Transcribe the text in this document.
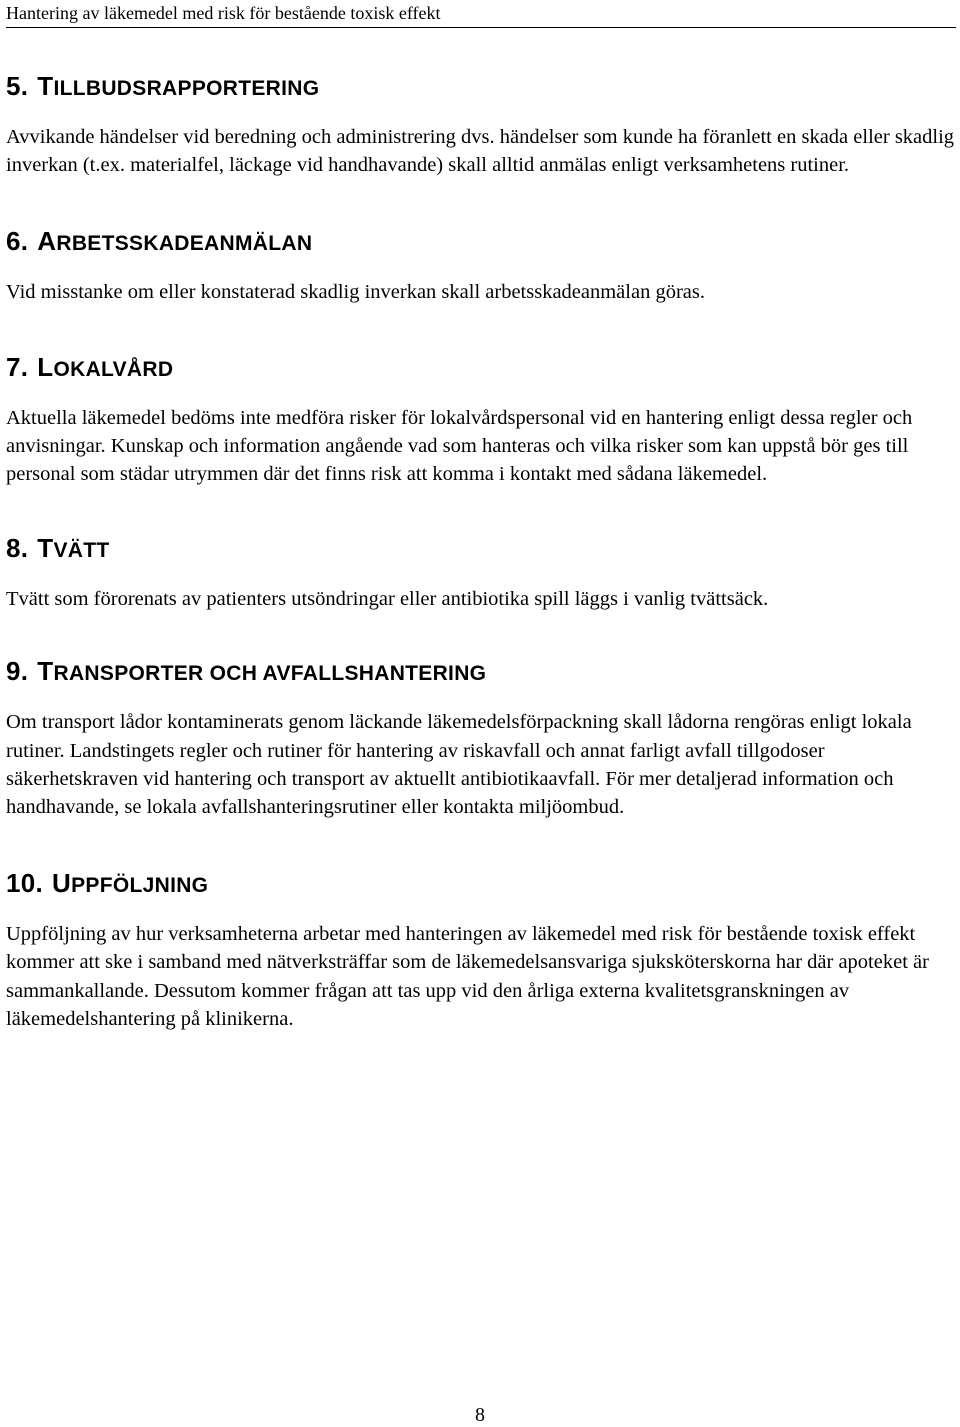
Hantering av läkemedel med risk för bestående toxisk effekt
5. TILLBUDSRAPPORTERING

Avvikande händelser vid beredning och administrering dvs. händelser som kunde ha föranlett en skada eller skadlig inverkan (t.ex. materialfel, läckage vid handhavande) skall alltid anmälas enligt verksamhetens rutiner.

6. ARBETSSKADEANMÄLAN

Vid misstanke om eller konstaterad skadlig inverkan skall arbetsskadeanmälan göras.

7. LOKALVÅRD

Aktuella läkemedel bedöms inte medföra risker för lokalvårdspersonal vid en hantering enligt dessa regler och anvisningar. Kunskap och information angående vad som hanteras och vilka risker som kan uppstå bör ges till personal som städar utrymmen där det finns risk att komma i kontakt med sådana läkemedel.

8. TVÄTT

Tvätt som förorenats av patienters utsöndringar eller antibiotika spill läggs i vanlig tvättsäck.

9. TRANSPORTER OCH AVFALLSHANTERING

Om transport lådor kontaminerats genom läckande läkemedelsförpackning skall lådorna rengöras enligt lokala rutiner. Landstingets regler och rutiner för hantering av riskavfall och annat farligt avfall tillgodoser säkerhetskraven vid hantering och transport av aktuellt antibiotikaavfall. För mer detaljerad information och handhavande, se lokala avfallshanteringsrutiner eller kontakta miljöombud.

10. UPPFÖLJNING

Uppföljning av hur verksamheterna arbetar med hanteringen av läkemedel med risk för bestående toxisk effekt kommer att ske i samband med nätverksträffar som de läkemedelsansvariga sjuksköterskorna har där apoteket är sammankallande. Dessutom kommer frågan att tas upp vid den årliga externa kvalitetsgranskningen av läkemedelshantering på klinikerna.

8
